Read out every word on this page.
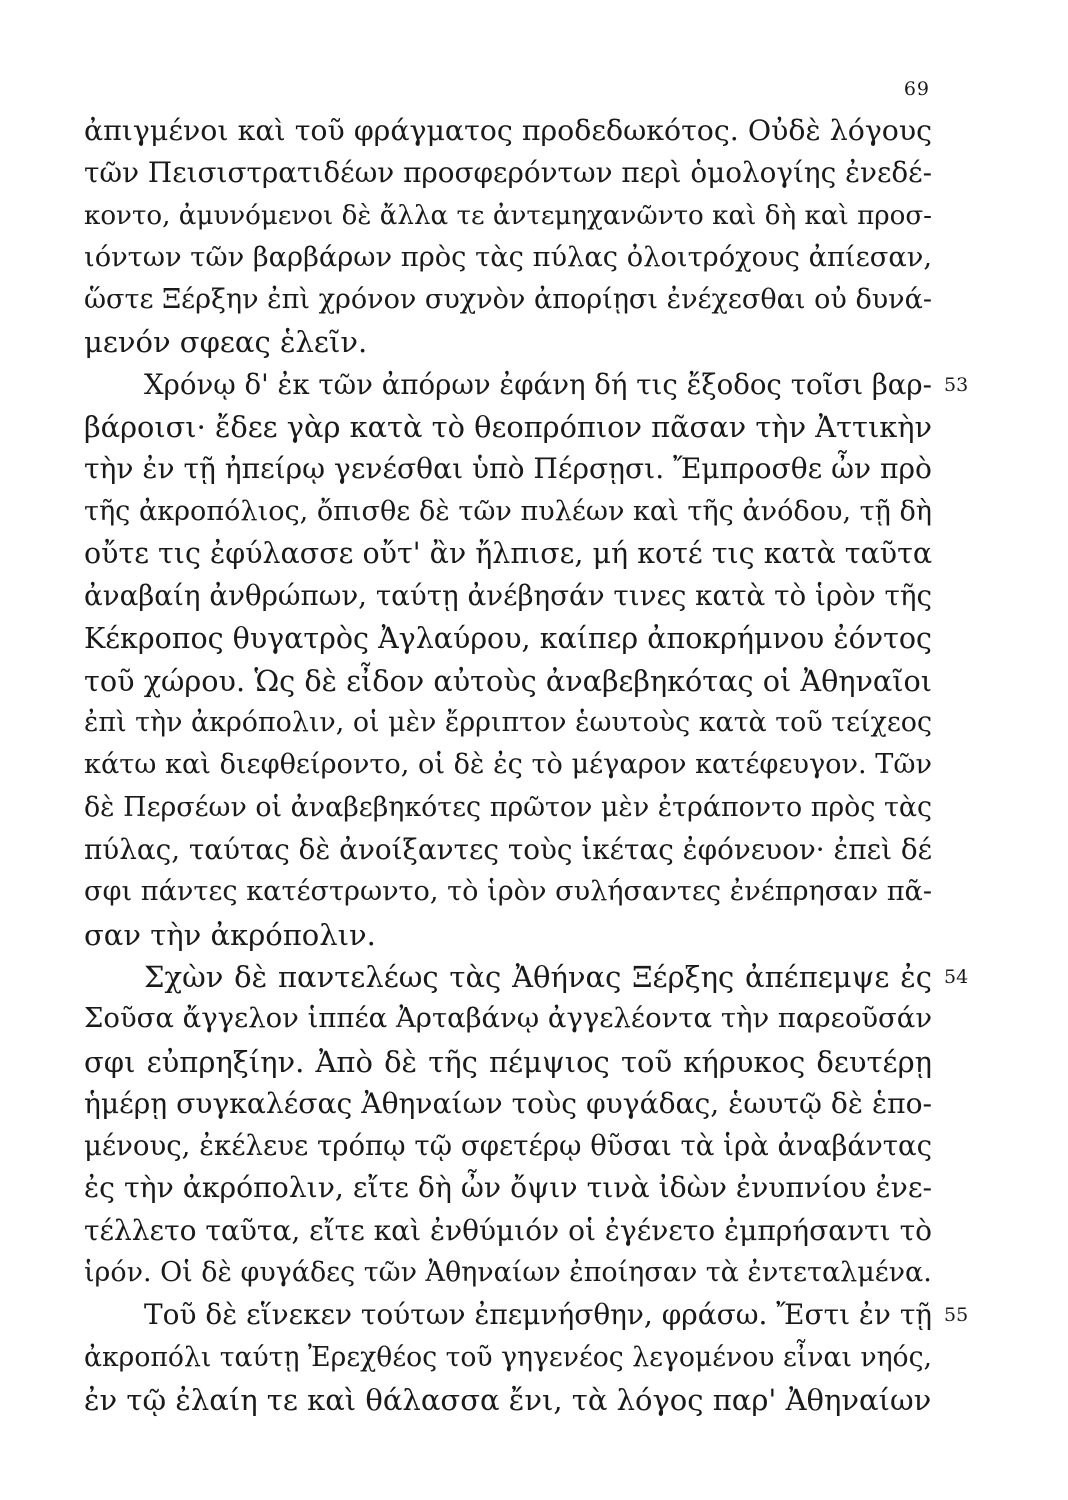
69
ἀπιγμένοι καὶ τοῦ φράγματος προδεδωκότος. Οὐδὲ λόγους
τῶν Πεισιστρατιδέων προσφερόντων περὶ ὁμολογίης ἐνεδέ-
κοντο, ἀμυνόμενοι δὲ ἄλλα τε ἀντεμηχανῶντο καὶ δὴ καὶ προσ-
ιόντων τῶν βαρβάρων πρὸς τὰς πύλας ὀλοιτρόχους ἀπίεσαν,
ὥστε Ξέρξην ἐπὶ χρόνον συχνὸν ἀπορίῃσι ἐνέχεσθαι οὐ δυνά-
μενόν σφεας ἑλεῖν.
Χρόνῳ δ' ἐκ τῶν ἀπόρων ἐφάνη δή τις ἔξοδος τοῖσι βαρ- 53
βάροισι· ἔδεε γὰρ κατὰ τὸ θεοπρόπιον πᾶσαν τὴν Ἀττικὴν
τὴν ἐν τῇ ἠπείρῳ γενέσθαι ὑπὸ Πέρσῃσι. Ἔμπροσθε ὦν πρὸ
τῆς ἀκροπόλιος, ὄπισθε δὲ τῶν πυλέων καὶ τῆς ἀνόδου, τῇ δὴ
οὔτε τις ἐφύλασσε οὔτ' ἂν ἤλπισε, μή κοτέ τις κατὰ ταῦτα
ἀναβαίη ἀνθρώπων, ταύτῃ ἀνέβησάν τινες κατὰ τὸ ἱρὸν τῆς
Κέκροπος θυγατρὸς Ἀγλαύρου, καίπερ ἀποκρήμνου ἐόντος
τοῦ χώρου. Ὡς δὲ εἶδον αὐτοὺς ἀναβεβηκότας οἱ Ἀθηναῖοι
ἐπὶ τὴν ἀκρόπολιν, οἱ μὲν ἔρριπτον ἑωυτοὺς κατὰ τοῦ τείχεος
κάτω καὶ διεφθείροντο, οἱ δὲ ἐς τὸ μέγαρον κατέφευγον. Τῶν
δὲ Περσέων οἱ ἀναβεβηκότες πρῶτον μὲν ἐτράποντο πρὸς τὰς
πύλας, ταύτας δὲ ἀνοίξαντες τοὺς ἱκέτας ἐφόνευον· ἐπεὶ δέ
σφι πάντες κατέστρωντο, τὸ ἱρὸν συλήσαντες ἐνέπρησαν πᾶ-
σαν τὴν ἀκρόπολιν.
Σχὼν δὲ παντελέως τὰς Ἀθήνας Ξέρξης ἀπέπεμψε ἐς 54
Σοῦσα ἄγγελον ἱππέα Ἀρταβάνῳ ἀγγελέοντα τὴν παρεοῦσάν
σφι εὐπρηξίην. Ἀπὸ δὲ τῆς πέμψιος τοῦ κήρυκος δευτέρῃ
ἡμέρῃ συγκαλέσας Ἀθηναίων τοὺς φυγάδας, ἑωυτῷ δὲ ἑπο-
μένους, ἐκέλευε τρόπῳ τῷ σφετέρῳ θῦσαι τὰ ἱρὰ ἀναβάντας
ἐς τὴν ἀκρόπολιν, εἴτε δὴ ὦν ὄψιν τινὰ ἰδὼν ἐνυπνίου ἐνε-
τέλλετο ταῦτα, εἴτε καὶ ἐνθύμιόν οἱ ἐγένετο ἐμπρήσαντι τὸ
ἱρόν. Οἱ δὲ φυγάδες τῶν Ἀθηναίων ἐποίησαν τὰ ἐντεταλμένα.
Τοῦ δὲ εἵνεκεν τούτων ἐπεμνήσθην, φράσω. Ἔστι ἐν τῇ 55
ἀκροπόλι ταύτῃ Ἐρεχθέος τοῦ γηγενέος λεγομένου εἶναι νηός,
ἐν τῷ ἐλαίη τε καὶ θάλασσα ἔνι, τὰ λόγος παρ' Ἀθηναίων
